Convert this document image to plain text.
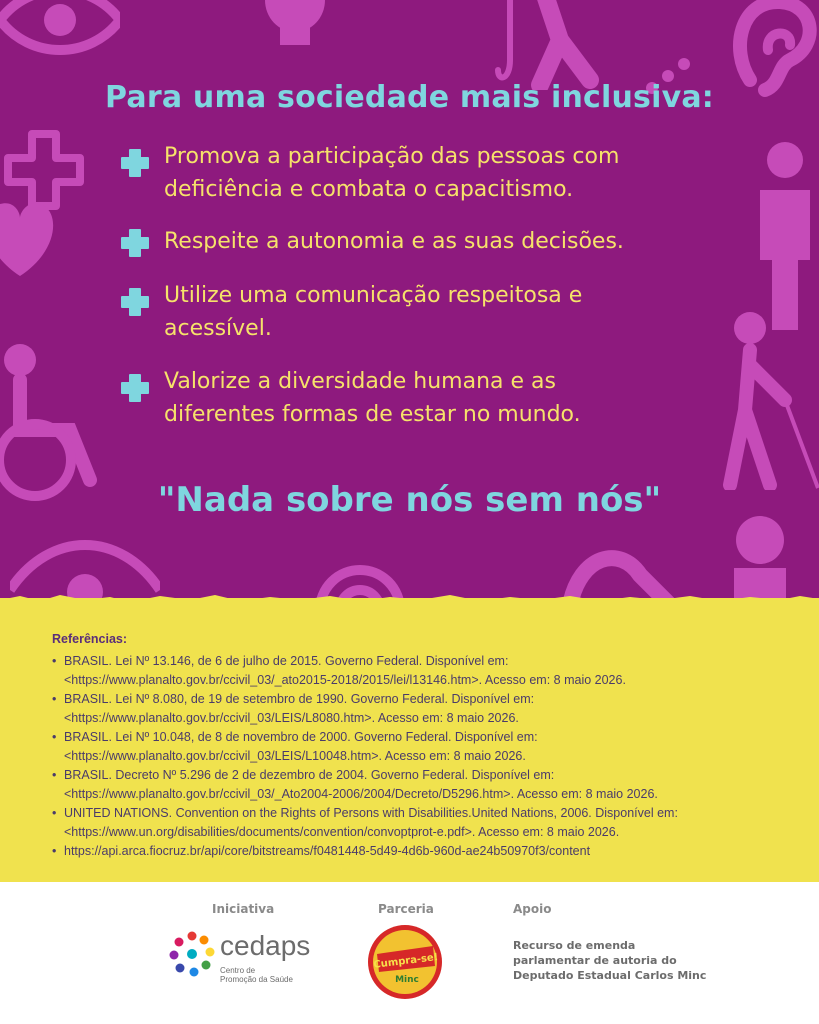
Para uma sociedade mais inclusiva:
Promova a participação das pessoas com
deficiência e combata o capacitismo.
Respeite a autonomia e as suas decisões.
Utilize uma comunicação respeitosa e
acessível.
Valorize a diversidade humana e as
diferentes formas de estar no mundo.
"Nada sobre nós sem nós"
Referências:
• BRASIL. Lei Nº 13.146, de 6 de julho de 2015. Governo Federal. Disponível em:
<https://www.planalto.gov.br/ccivil_03/_ato2015-2018/2015/lei/l13146.htm>. Acesso em: 8 maio 2026.
• BRASIL. Lei Nº 8.080, de 19 de setembro de 1990. Governo Federal. Disponível em:
<https://www.planalto.gov.br/ccivil_03/LEIS/L8080.htm>. Acesso em: 8 maio 2026.
• BRASIL. Lei Nº 10.048, de 8 de novembro de 2000. Governo Federal. Disponível em:
<https://www.planalto.gov.br/ccivil_03/LEIS/L10048.htm>. Acesso em: 8 maio 2026.
• BRASIL. Decreto Nº 5.296 de 2 de dezembro de 2004. Governo Federal. Disponível em:
<https://www.planalto.gov.br/ccivil_03/_Ato2004-2006/2004/Decreto/D5296.htm>. Acesso em: 8 maio 2026.
• UNITED NATIONS. Convention on the Rights of Persons with Disabilities.United Nations, 2006. Disponível em:
<https://www.un.org/disabilities/documents/convention/convoptprot-e.pdf>. Acesso em: 8 maio 2026.
• https://api.arca.fiocruz.br/api/core/bitstreams/f0481448-5d49-4d6b-960d-ae24b50970f3/content
Iniciativa	Parceria	Apoio
cedaps
Centro de
Promoção da Saúde
Cumpra-se!
Minc
Recurso de emenda
parlamentar de autoria do
Deputado Estadual Carlos Minc
